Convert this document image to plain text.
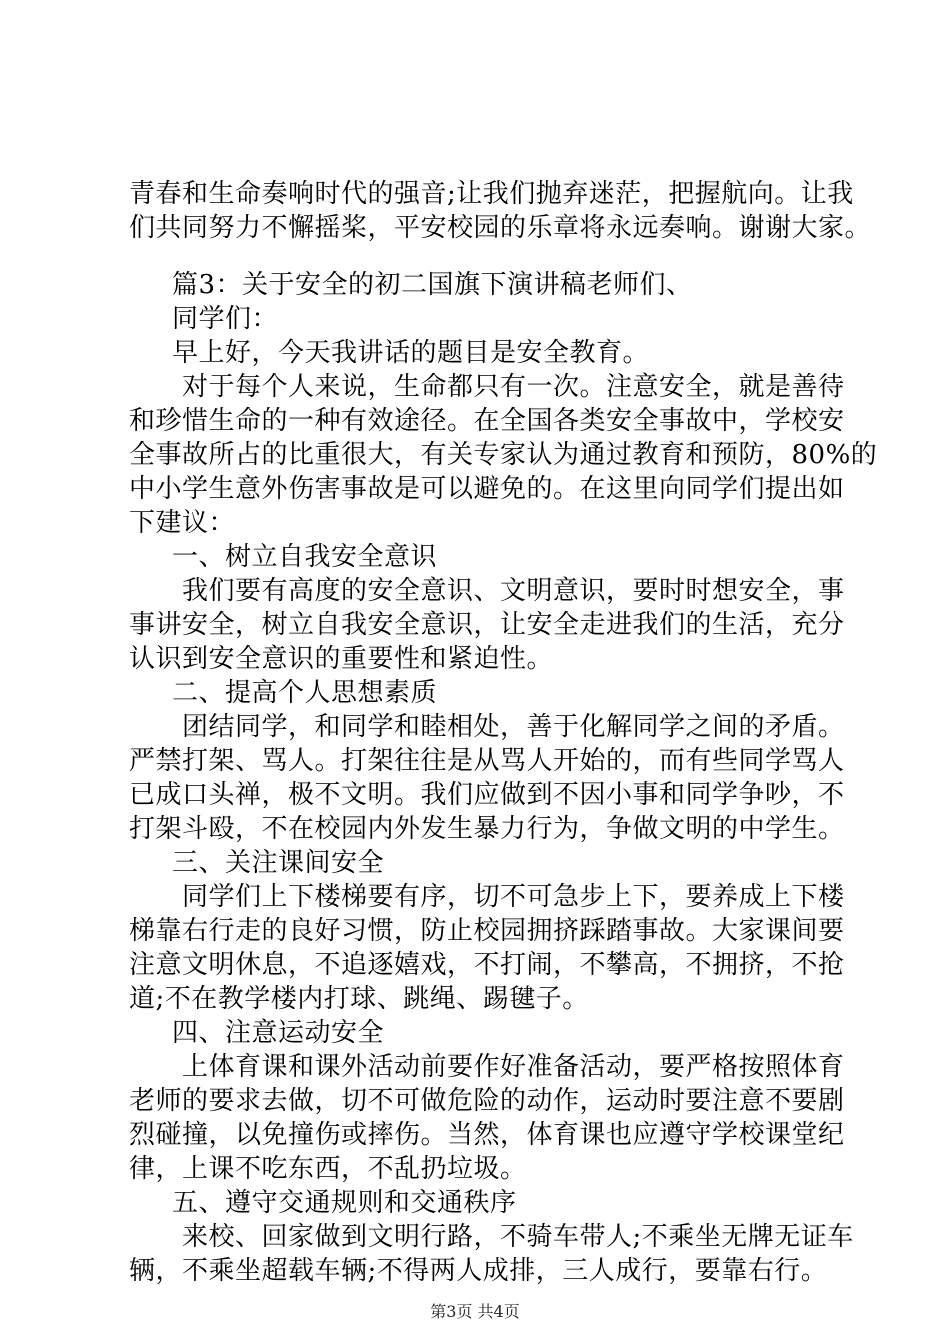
青春和生命奏响时代的强音;让我们抛弃迷茫，把握航向。让我
们共同努力不懈摇桨，平安校园的乐章将永远奏响。谢谢大家。
篇3：关于安全的初二国旗下演讲稿老师们、
同学们：
早上好，今天我讲话的题目是安全教育。
对于每个人来说，生命都只有一次。注意安全，就是善待
和珍惜生命的一种有效途径。在全国各类安全事故中，学校安
全事故所占的比重很大，有关专家认为通过教育和预防，80%的
中小学生意外伤害事故是可以避免的。在这里向同学们提出如
下建议：
一、树立自我安全意识
我们要有高度的安全意识、文明意识，要时时想安全，事
事讲安全，树立自我安全意识，让安全走进我们的生活，充分
认识到安全意识的重要性和紧迫性。
二、提高个人思想素质
团结同学，和同学和睦相处，善于化解同学之间的矛盾。
严禁打架、骂人。打架往往是从骂人开始的，而有些同学骂人
已成口头禅，极不文明。我们应做到不因小事和同学争吵，不
打架斗殴，不在校园内外发生暴力行为，争做文明的中学生。
三、关注课间安全
同学们上下楼梯要有序，切不可急步上下，要养成上下楼
梯靠右行走的良好习惯，防止校园拥挤踩踏事故。大家课间要
注意文明休息，不追逐嬉戏，不打闹，不攀高，不拥挤，不抢
道;不在教学楼内打球、跳绳、踢毽子。
四、注意运动安全
上体育课和课外活动前要作好准备活动，要严格按照体育
老师的要求去做，切不可做危险的动作，运动时要注意不要剧
烈碰撞，以免撞伤或摔伤。当然，体育课也应遵守学校课堂纪
律，上课不吃东西，不乱扔垃圾。
五、遵守交通规则和交通秩序
来校、回家做到文明行路，不骑车带人;不乘坐无牌无证车
辆，不乘坐超载车辆;不得两人成排，三人成行，要靠右行。
第3页 共4页
